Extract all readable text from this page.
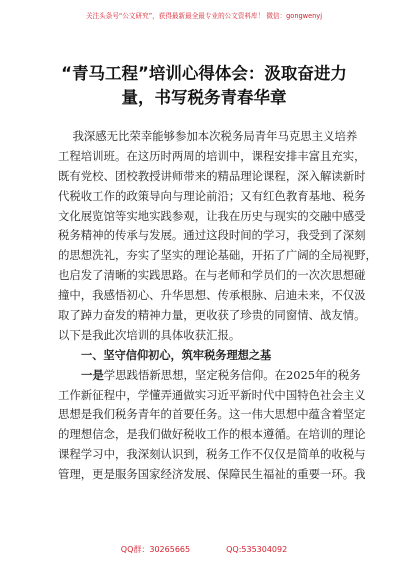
关注头条号“公文研究”，获得最新最全最专业的公文资料库！ 微信：gongwenyj
“青马工程”培训心得体会：汲取奋进力
量，书写税务青春华章
我深感无比荣幸能够参加本次税务局青年马克思主义培养
工程培训班。在这历时两周的培训中，课程安排丰富且充实，
既有党校、团校教授讲师带来的精品理论课程，深入解读新时
代税收工作的政策导向与理论前沿；又有红色教育基地、税务
文化展览馆等实地实践参观，让我在历史与现实的交融中感受
税务精神的传承与发展。通过这段时间的学习，我受到了深刻
的思想洗礼，夯实了坚实的理论基础，开拓了广阔的全局视野，
也启发了清晰的实践思路。在与老师和学员们的一次次思想碰
撞中，我感悟初心、升华思想、传承根脉、启迪未来，不仅汲
取了踔力奋发的精神力量，更收获了珍贵的同窗情、战友情。
以下是我此次培训的具体收获汇报。
一、坚守信仰初心，筑牢税务理想之基
一是学思践悟新思想，坚定税务信仰。在2025年的税务
工作新征程中，学懂弄通做实习近平新时代中国特色社会主义
思想是我们税务青年的首要任务。这一伟大思想中蕴含着坚定
的理想信念，是我们做好税收工作的根本遵循。在培训的理论
课程学习中，我深刻认识到，税务工作不仅仅是简单的收税与
管理，更是服务国家经济发展、保障民生福祉的重要一环。我
QQ群：30265665	QQ:535304092
